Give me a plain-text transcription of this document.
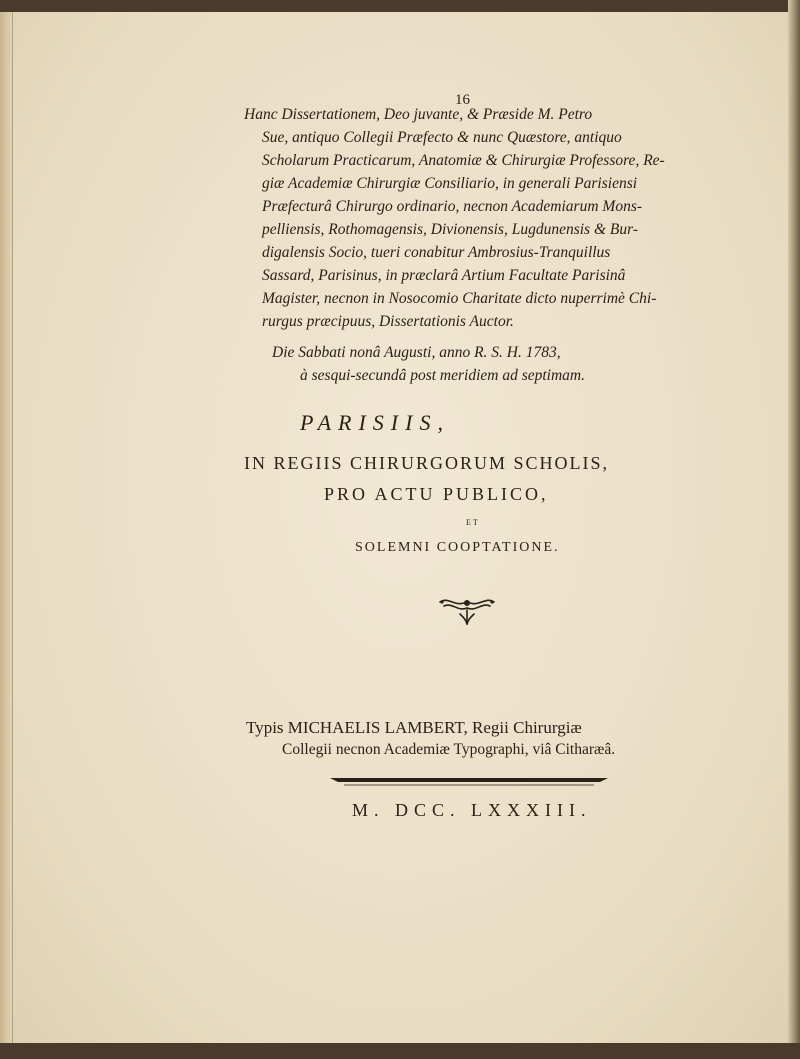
16
Hanc Dissertationem, Deo juvante, & Præside M. Petro
Sue, antiquo Collegii Præfecto & nunc Quæstore, antiquo
Scholarum Practicarum, Anatomiæ & Chirurgiæ Professore, Re-
giæ Academiæ Chirurgiæ Consiliario, in generali Parisiensi
Præfecturâ Chirurgo ordinario, necnon Academiarum Mons-
pelliensis, Rothomagensis, Divionensis, Lugdunensis & Bur-
digalensis Socio, tueri conabitur Ambrosius-Tranquillus
Sassard, Parisinus, in præclarâ Artium Facultate Parisinâ
Magister, necnon in Nosocomio Charitate dicto nuperrimè Chi-
rurgus præcipuus, Dissertationis Auctor.
Die Sabbati nonâ Augusti, anno R. S. H. 1783,
à sesqui-secundâ post meridiem ad septimam.
PARISIIS,
IN REGIIS CHIRURGORUM SCHOLIS,
PRO ACTU PUBLICO,
ET
SOLEMNI COOPTATIONE.
Typis MICHAELIS LAMBERT, Regii Chirurgiæ
Collegii necnon Academiæ Typographi, viâ Citharæâ.
M. DCC. LXXXIII.
